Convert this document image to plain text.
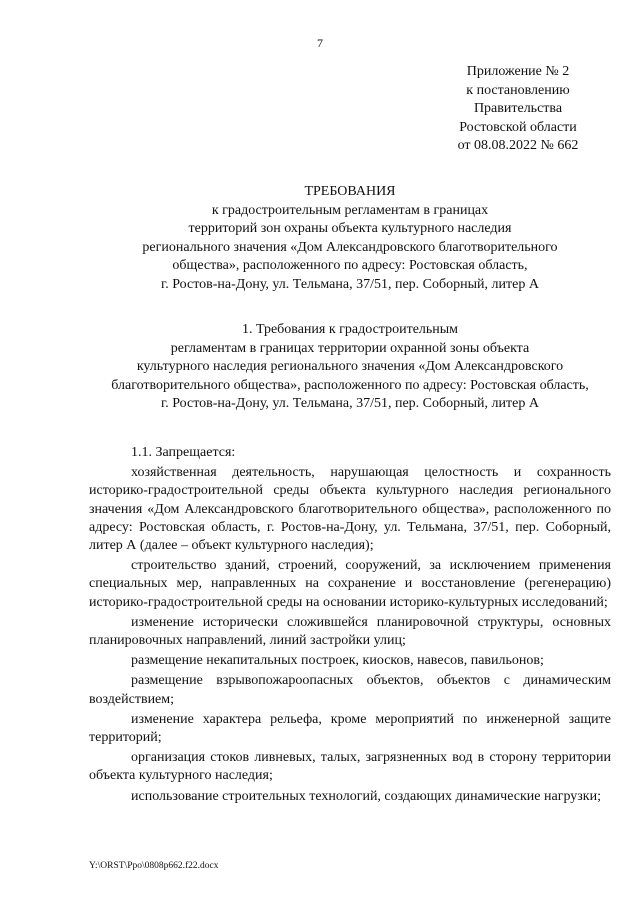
7
Приложение № 2
к постановлению
Правительства
Ростовской области
от 08.08.2022 № 662
ТРЕБОВАНИЯ
к градостроительным регламентам в границах
территорий зон охраны объекта культурного наследия
регионального значения «Дом Александровского благотворительного
общества», расположенного по адресу: Ростовская область,
г. Ростов-на-Дону, ул. Тельмана, 37/51, пер. Соборный, литер А
1. Требования к градостроительным
регламентам в границах территории охранной зоны объекта
культурного наследия регионального значения «Дом Александровского
благотворительного общества», расположенного по адресу: Ростовская область,
г. Ростов-на-Дону, ул. Тельмана, 37/51, пер. Соборный, литер А

1.1. Запрещается:

хозяйственная деятельность, нарушающая целостность и сохранность историко-градостроительной среды объекта культурного наследия регионального значения «Дом Александровского благотворительного общества», расположенного по адресу: Ростовская область, г. Ростов-на-Дону, ул. Тельмана, 37/51, пер. Соборный, литер А (далее – объект культурного наследия);

строительство зданий, строений, сооружений, за исключением применения специальных мер, направленных на сохранение и восстановление (регенерацию) историко-градостроительной среды на основании историко-культурных исследований;

изменение исторически сложившейся планировочной структуры, основных планировочных направлений, линий застройки улиц;

размещение некапитальных построек, киосков, навесов, павильонов;

размещение взрывопожароопасных объектов, объектов с динамическим воздействием;

изменение характера рельефа, кроме мероприятий по инженерной защите территорий;

организация стоков ливневых, талых, загрязненных вод в сторону территории объекта культурного наследия;

использование строительных технологий, создающих динамические нагрузки;

Y:\ORST\Ppo\0808p662.f22.docx
